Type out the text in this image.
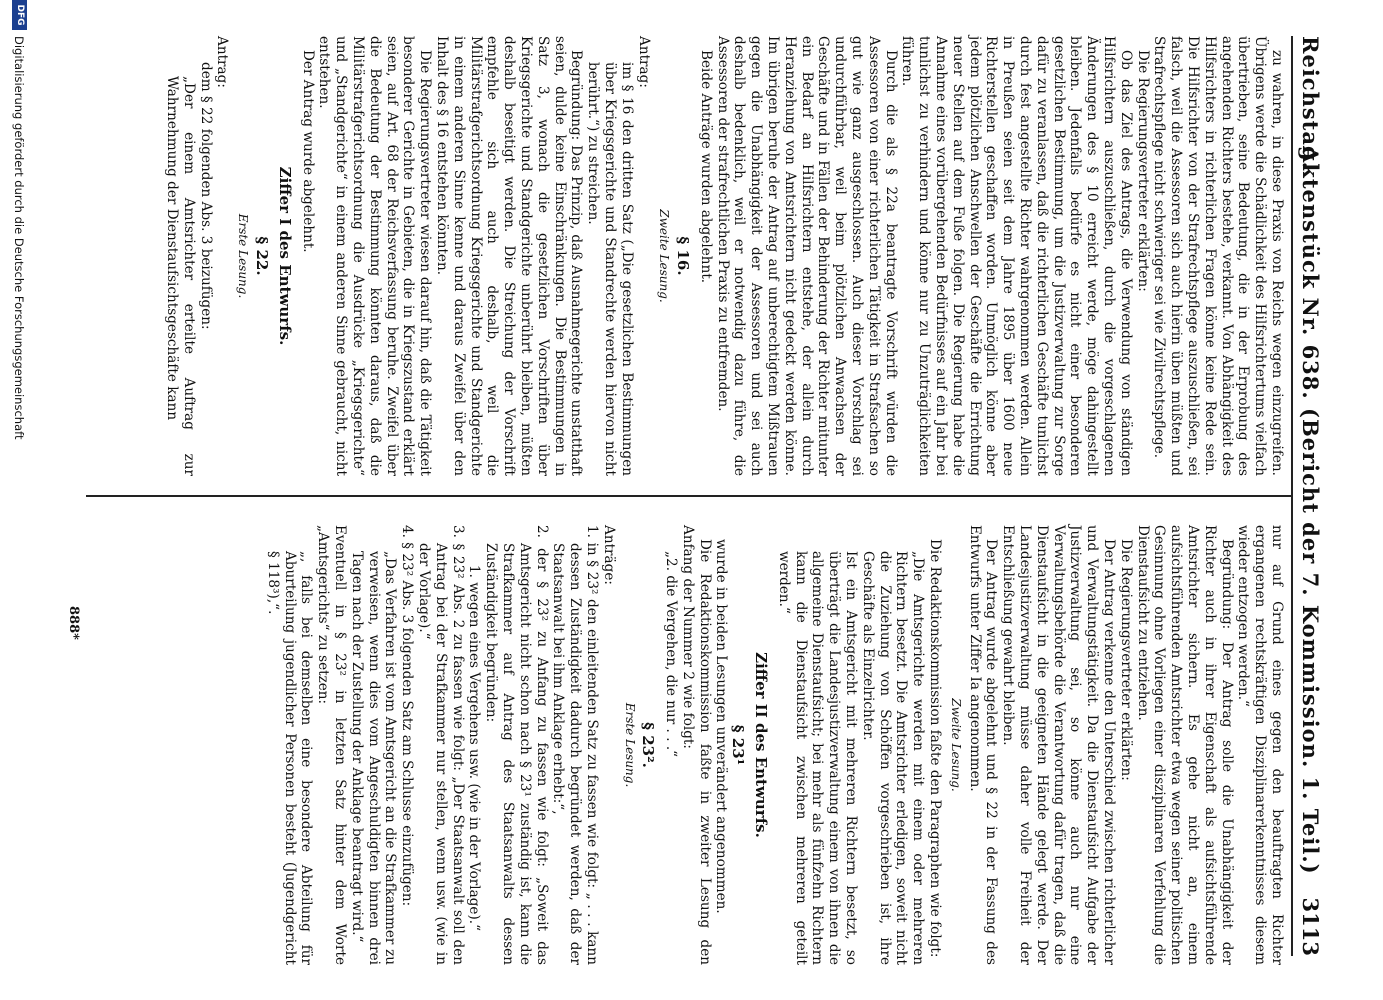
Reichstag.
Aktenstück Nr. 638. (Bericht der 7. Kommission. 1. Teil.)
3113

zu wahren, in diese Praxis von Reichs wegen einzugreifen. Übrigens werde die Schädlichkeit des Hilfsrichtertums vielfach übertrieben, seine Bedeutung, die in der Erprobung des angehenden Richters bestehe, verkannt. Von Abhängigkeit des Hilfsrichters in richterlichen Fragen könne keine Rede sein. Die Hilfsrichter von der Strafrechtspflege auszuschließen, sei falsch, weil die Assessoren sich auch hierin üben müßten und Strafrechtspflege nicht schwieriger sei wie Zivilrechtspflege.

Die Regierungsvertreter erklärten:

Ob das Ziel des Antrags, die Verwendung von ständigen Hilfsrichtern auszuschließen, durch die vorgeschlagenen Änderungen des § 10 erreicht werde, möge dahingestellt bleiben. Jedenfalls bedürfe es nicht einer besonderen gesetzlichen Bestimmung, um die Justizverwaltung zur Sorge dafür zu veranlassen, daß die richterlichen Geschäfte tunlichst durch fest angestellte Richter wahrgenommen werden. Allein in Preußen seien seit dem Jahre 1895 über 1600 neue Richterstellen geschaffen worden. Unmöglich könne aber jedem plötzlichen Anschwellen der Geschäfte die Errichtung neuer Stellen auf dem Fuße folgen. Die Regierung habe die Annahme eines vorübergehenden Bedürfnisses auf ein Jahr bei tunlichst zu verhindern und könne nur zu Unzuträglichkeiten führen.

Durch die als § 22a beantragte Vorschrift würden die Assessoren von einer richterlichen Tätigkeit in Strafsachen so gut wie ganz ausgeschlossen. Auch dieser Vorschlag sei undurchführbar, weil beim plötzlichen Anwachsen der Geschäfte und in Fällen der Behinderung der Richter mitunter ein Bedarf an Hilfsrichtern entstehe, der allein durch Heranziehung von Amtsrichtern nicht gedeckt werden könne. Im übrigen beruhe der Antrag auf unberechtigtem Mißtrauen gegen die Unabhängigkeit der Assessoren und sei auch deshalb bedenklich, weil er notwendig dazu führe, die Assessoren der strafrechtlichen Praxis zu entfremden.

Beide Anträge wurden abgelehnt.

§ 16.

Zweite Lesung.

Antrag:

im § 16 den dritten Satz („Die gesetzlichen Bestimmungen über Kriegsgerichte und Standrechte werden hiervon nicht berührt.“) zu streichen.

Begründung: Das Prinzip, daß Ausnahmegerichte unstatthaft seien, dulde keine Einschränkungen. Die Bestimmungen in Satz 3, wonach die gesetzlichen Vorschriften über Kriegsgerichte und Standgerichte unberührt bleiben, müßten deshalb beseitigt werden. Die Streichung der Vorschrift empfehle sich auch deshalb, weil die Militärstrafgerichtsordnung Kriegsgerichte und Standgerichte in einem anderen Sinne kenne und daraus Zweifel über den Inhalt des § 16 entstehen könnten.

Die Regierungsvertreter wiesen darauf hin, daß die Tätigkeit besonderer Gerichte in Gebieten, die in Kriegszustand erklärt seien, auf Art. 68 der Reichsverfassung beruhe. Zweifel über die Bedeutung der Bestimmung könnten daraus, daß die Militärstrafgerichtsordnung die Ausdrücke „Kriegsgerichte“ und „Standgerichte“ in einem anderen Sinne gebraucht, nicht entstehen.

Der Antrag wurde abgelehnt.

Ziffer I des Entwurfs.

§ 22.

Erste Lesung.

Antrag:

dem § 22 folgenden Abs. 3 beizufügen:

„Der einem Amtsrichter erteilte Auftrag zur Wahrnehmung der Dienstaufsichtsgeschäfte kann

nur auf Grund eines gegen den beauftragten Richter ergangenen rechtskräftigen Disziplinarerkenntnisses diesem wieder entzogen werden.“

Begründung: Der Antrag solle die Unabhängigkeit der Richter auch in ihrer Eigenschaft als aufsichtsführende Amtsrichter sichern. Es gehe nicht an, einem aufsichtsführenden Amtsrichter etwa wegen seiner politischen Gesinnung ohne Vorliegen einer disziplinaren Verfehlung die Dienstaufsicht zu entziehen.

Die Regierungsvertreter erklärten:

Der Antrag verkenne den Unterschied zwischen richterlicher und Verwaltungstätigkeit. Da die Dienstaufsicht Aufgabe der Justizverwaltung sei, so könne auch nur eine Verwaltungsbehörde die Verantwortung dafür tragen, daß die Dienstaufsicht in die geeigneten Hände gelegt werde. Der Landesjustizverwaltung müsse daher volle Freiheit der Entschließung gewahrt bleiben.

Der Antrag wurde abgelehnt und § 22 in der Fassung des Entwurfs unter Ziffer Ia angenommen.

Zweite Lesung.

Die Redaktionskommission faßte den Paragraphen wie folgt:

„Die Amtsgerichte werden mit einem oder mehreren Richtern besetzt. Die Amtsrichter erledigen, soweit nicht die Zuziehung von Schöffen vorgeschrieben ist, ihre Geschäfte als Einzelrichter.

Ist ein Amtsgericht mit mehreren Richtern besetzt, so überträgt die Landesjustizverwaltung einem von ihnen die allgemeine Dienstaufsicht; bei mehr als fünfzehn Richtern kann die Dienstaufsicht zwischen mehreren geteilt werden.“

Ziffer II des Entwurfs.

§ 23¹

wurde in beiden Lesungen unverändert angenommen.

Die Redaktionskommission faßte in zweiter Lesung den Anfang der Nummer 2 wie folgt:

„2. die Vergehen, die nur . . .“

§ 23².

Erste Lesung.

Anträge:

1. in § 23² den einleitenden Satz zu fassen wie folgt: „ . . . kann dessen Zuständigkeit dadurch begründet werden, daß der Staatsanwalt bei ihm Anklage erhebt:“,

2. der § 23² zu Anfang zu fassen wie folgt: „Soweit das Amtsgericht nicht schon nach § 23¹ zuständig ist, kann die Strafkammer auf Antrag des Staatsanwalts dessen Zuständigkeit begründen:

1. wegen eines Vergehens usw. (wie in der Vorlage).“

3. § 23² Abs. 2 zu fassen wie folgt: „Der Staatsanwalt soll den Antrag bei der Strafkammer nur stellen, wenn usw. (wie in der Vorlage).“

4. § 23² Abs. 3 folgenden Satz am Schlusse einzufügen:

„Das Verfahren ist vom Amtsgericht an die Strafkammer zu verweisen, wenn dies vom Angeschuldigten binnen drei Tagen nach der Zustellung der Anklage beantragt wird.“

Eventuell in § 23² in letzten Satz hinter dem Worte „Amtsgerichts“ zu setzen:

„, falls bei demselben eine besondere Abteilung für Aburteilung jugendlicher Personen besteht (Jugendgericht § 118³),“.

888*
DFG
Digitalisierung gefördert durch die Deutsche Forschungsgemeinschaft
